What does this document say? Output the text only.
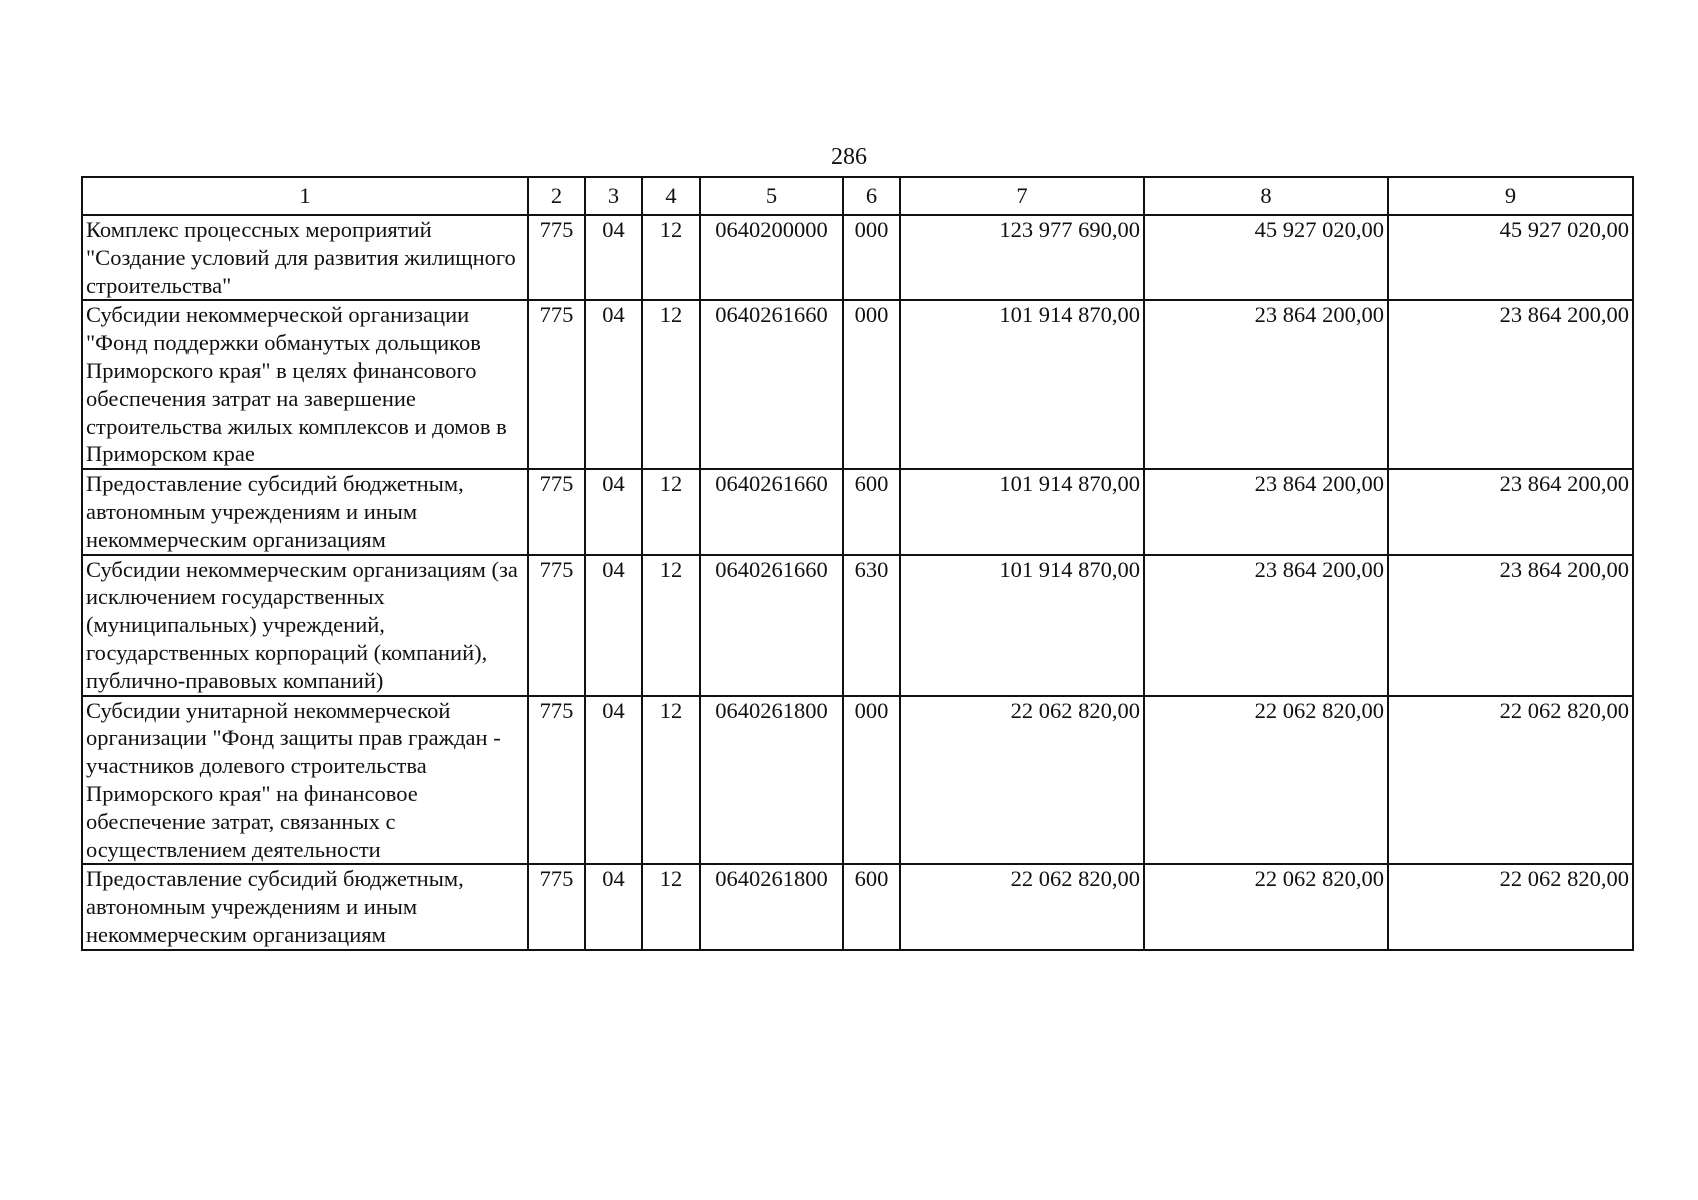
286
1	2	3	4	5	6	7	8	9
Комплекс процессных мероприятий "Создание условий для развития жилищного строительства"	775	04	12	0640200000	000	123 977 690,00	45 927 020,00	45 927 020,00
Субсидии некоммерческой организации "Фонд поддержки обманутых дольщиков Приморского края" в целях финансового обеспечения затрат на завершение строительства жилых комплексов и домов в Приморском крае	775	04	12	0640261660	000	101 914 870,00	23 864 200,00	23 864 200,00
Предоставление субсидий бюджетным, автономным учреждениям и иным некоммерческим организациям	775	04	12	0640261660	600	101 914 870,00	23 864 200,00	23 864 200,00
Субсидии некоммерческим организациям (за исключением государственных (муниципальных) учреждений, государственных корпораций (компаний), публично-правовых компаний)	775	04	12	0640261660	630	101 914 870,00	23 864 200,00	23 864 200,00
Субсидии унитарной некоммерческой организации "Фонд защиты прав граждан - участников долевого строительства Приморского края" на финансовое обеспечение затрат, связанных с осуществлением деятельности	775	04	12	0640261800	000	22 062 820,00	22 062 820,00	22 062 820,00
Предоставление субсидий бюджетным, автономным учреждениям и иным некоммерческим организациям	775	04	12	0640261800	600	22 062 820,00	22 062 820,00	22 062 820,00
